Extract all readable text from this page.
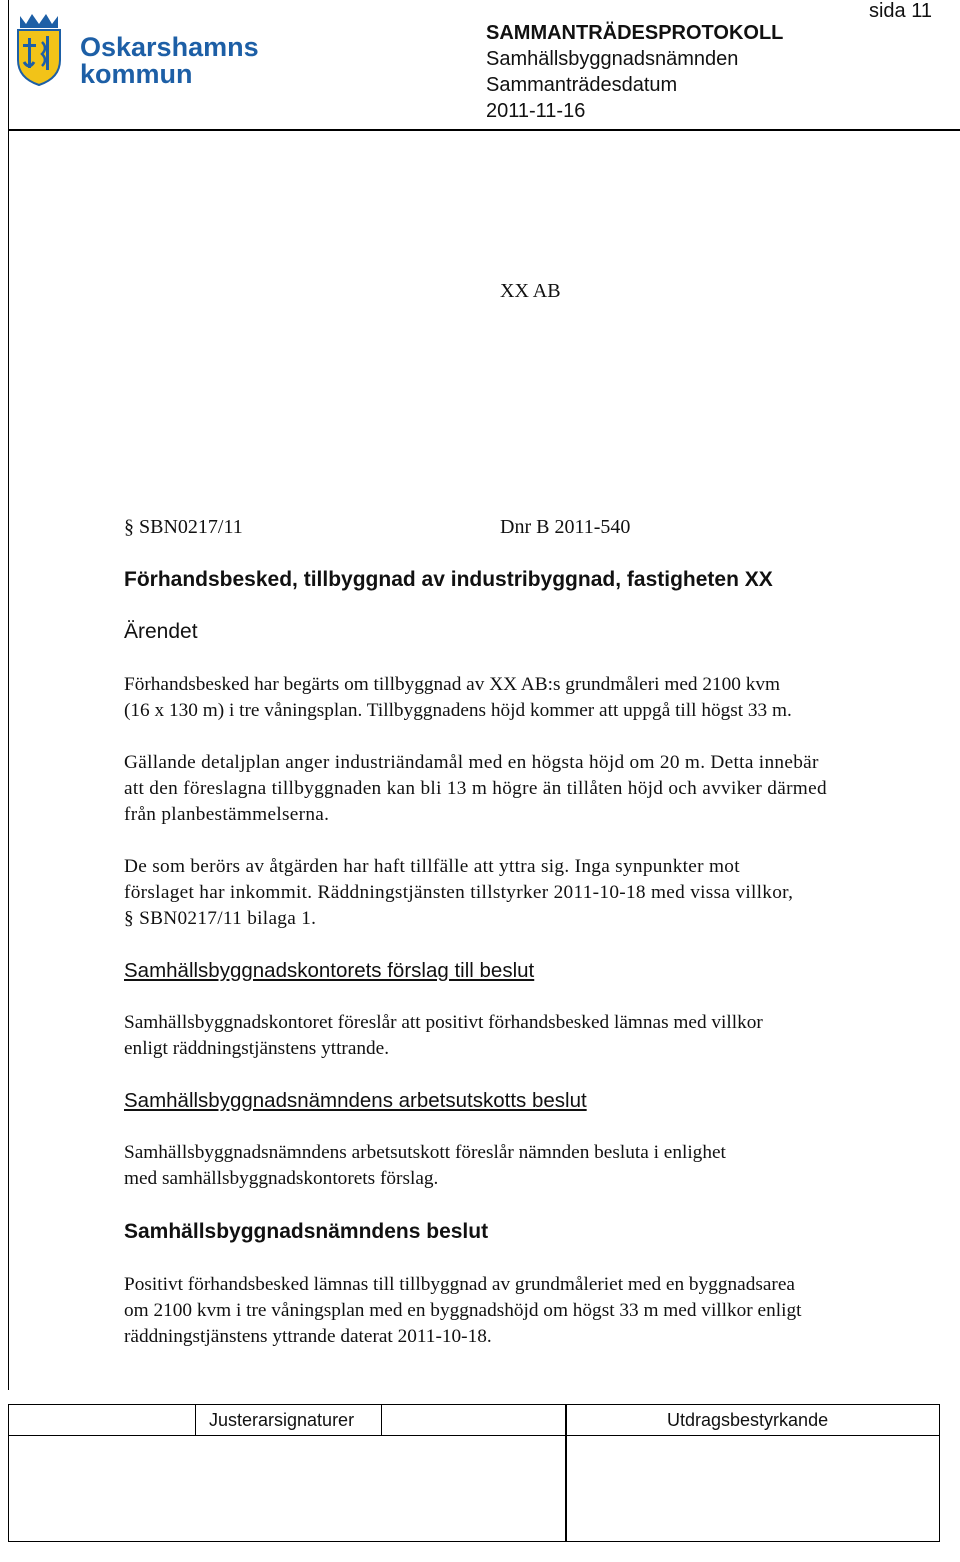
Oskarshamns
kommun
sida 11
SAMMANTRÄDESPROTOKOLL
Samhällsbyggnadsnämnden
Sammanträdesdatum
2011-11-16
XX AB
§ SBN0217/11	Dnr B 2011-540
Förhandsbesked, tillbyggnad av industribyggnad, fastigheten XX
Ärendet
Förhandsbesked har begärts om tillbyggnad av XX AB:s grundmåleri med 2100 kvm
(16 x 130 m) i tre våningsplan. Tillbyggnadens höjd kommer att uppgå till högst 33 m.
Gällande detaljplan anger industriändamål med en högsta höjd om 20 m. Detta innebär
att den föreslagna tillbyggnaden kan bli 13 m högre än tillåten höjd och avviker därmed
från planbestämmelserna.
De som berörs av åtgärden har haft tillfälle att yttra sig. Inga synpunkter mot
förslaget har inkommit. Räddningstjänsten tillstyrker 2011-10-18 med vissa villkor,
§ SBN0217/11 bilaga 1.
Samhällsbyggnadskontorets förslag till beslut
Samhällsbyggnadskontoret föreslår att positivt förhandsbesked lämnas med villkor
enligt räddningstjänstens yttrande.
Samhällsbyggnadsnämndens arbetsutskotts beslut
Samhällsbyggnadsnämndens arbetsutskott föreslår nämnden besluta i enlighet
med samhällsbyggnadskontorets förslag.
Samhällsbyggnadsnämndens beslut
Positivt förhandsbesked lämnas till tillbyggnad av grundmåleriet med en byggnadsarea
om 2100 kvm i tre våningsplan med en byggnadshöjd om högst 33 m med villkor enligt
räddningstjänstens yttrande daterat 2011-10-18.
Justerarsignaturer	Utdragsbestyrkande
